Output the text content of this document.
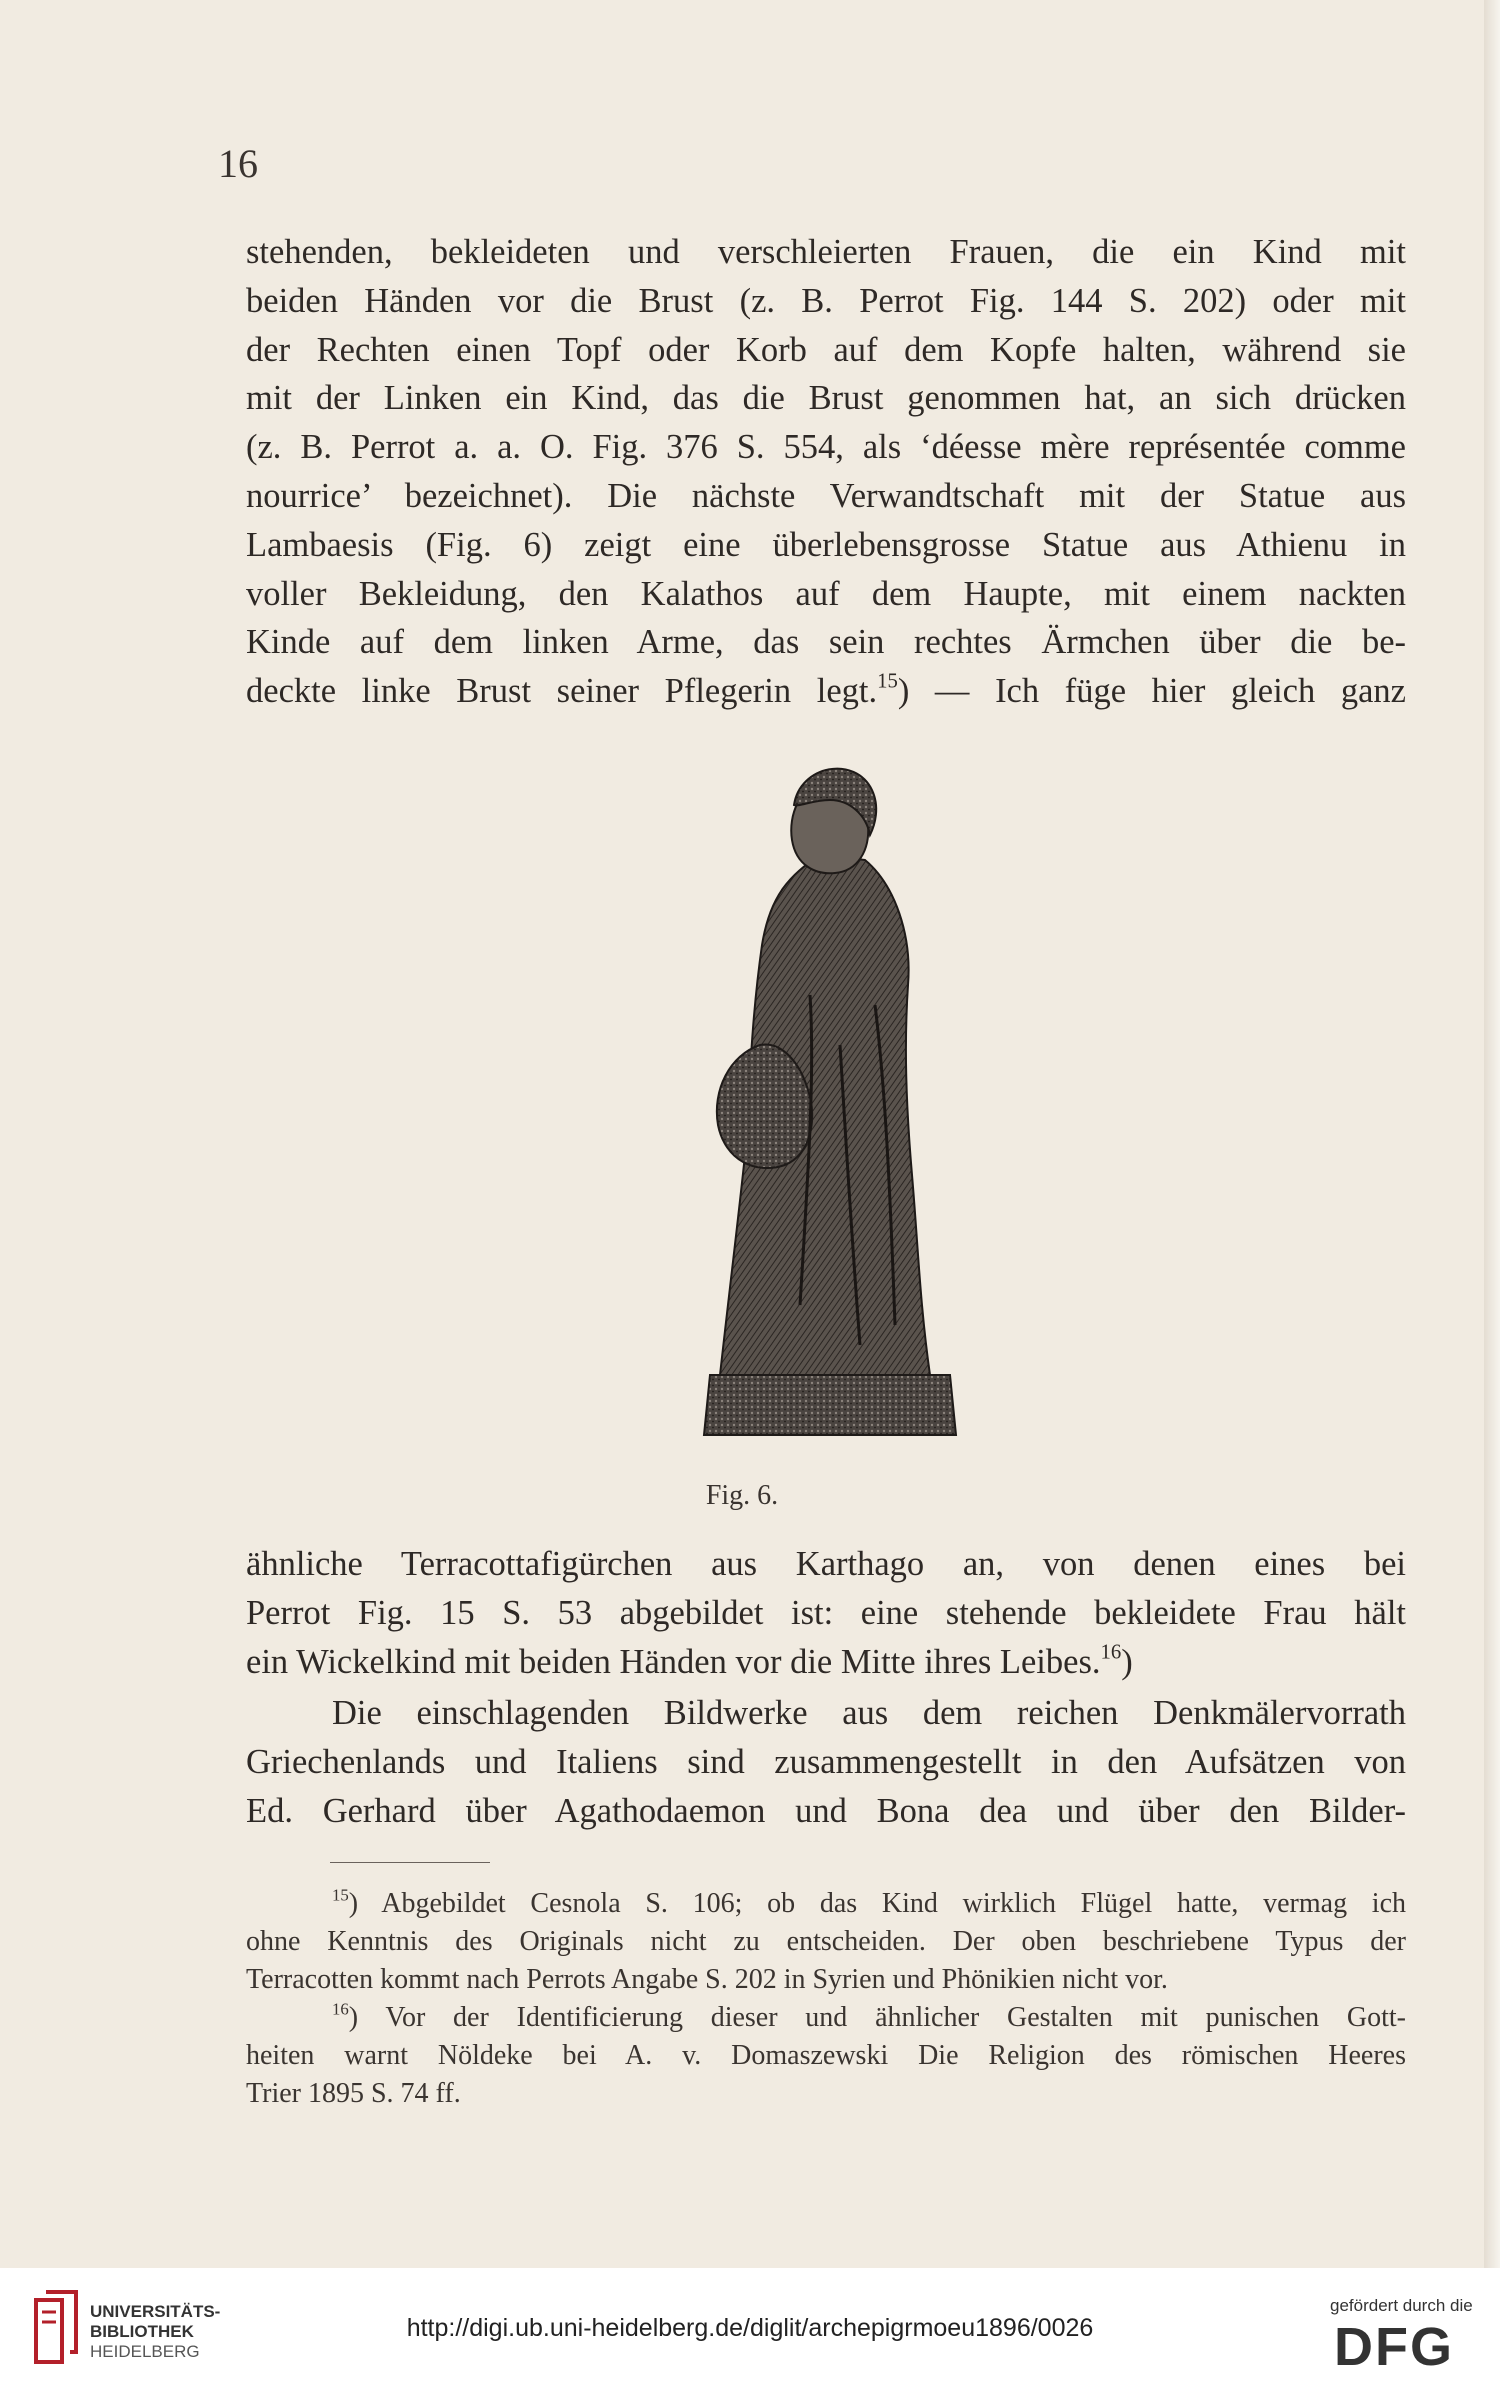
16
stehenden, bekleideten und verschleierten Frauen, die ein Kind mit
beiden Händen vor die Brust (z. B. Perrot Fig. 144 S. 202) oder mit
der Rechten einen Topf oder Korb auf dem Kopfe halten, während sie
mit der Linken ein Kind, das die Brust genommen hat, an sich drücken
(z. B. Perrot a. a. O. Fig. 376 S. 554, als ‘déesse mère représentée comme
nourrice’ bezeichnet). Die nächste Verwandtschaft mit der Statue aus
Lambaesis (Fig. 6) zeigt eine überlebensgrosse Statue aus Athienu in
voller Bekleidung, den Kalathos auf dem Haupte, mit einem nackten
Kinde auf dem linken Arme, das sein rechtes Ärmchen über die be-
deckte linke Brust seiner Pflegerin legt.$^{15}$) — Ich füge hier gleich ganz
Fig. 6.
ähnliche Terracottafigürchen aus Karthago an, von denen eines bei
Perrot Fig. 15 S. 53 abgebildet ist: eine stehende bekleidete Frau hält
ein Wickelkind mit beiden Händen vor die Mitte ihres Leibes.$^{16}$)
Die einschlagenden Bildwerke aus dem reichen Denkmälervorrath
Griechenlands und Italiens sind zusammengestellt in den Aufsätzen von
Ed. Gerhard über Agathodaemon und Bona dea und über den Bilder-
$^{15}$) Abgebildet Cesnola S. 106; ob das Kind wirklich Flügel hatte, vermag ich
ohne Kenntnis des Originals nicht zu entscheiden. Der oben beschriebene Typus der
Terracotten kommt nach Perrots Angabe S. 202 in Syrien und Phönikien nicht vor.
$^{16}$) Vor der Identificierung dieser und ähnlicher Gestalten mit punischen Gott-
heiten warnt Nöldeke bei A. v. Domaszewski Die Religion des römischen Heeres
Trier 1895 S. 74 ff.
UNIVERSITÄTS-
BIBLIOTHEK
HEIDELBERG
http://digi.ub.uni-heidelberg.de/diglit/archepigrmoeu1896/0026
gefördert durch die
DFG
